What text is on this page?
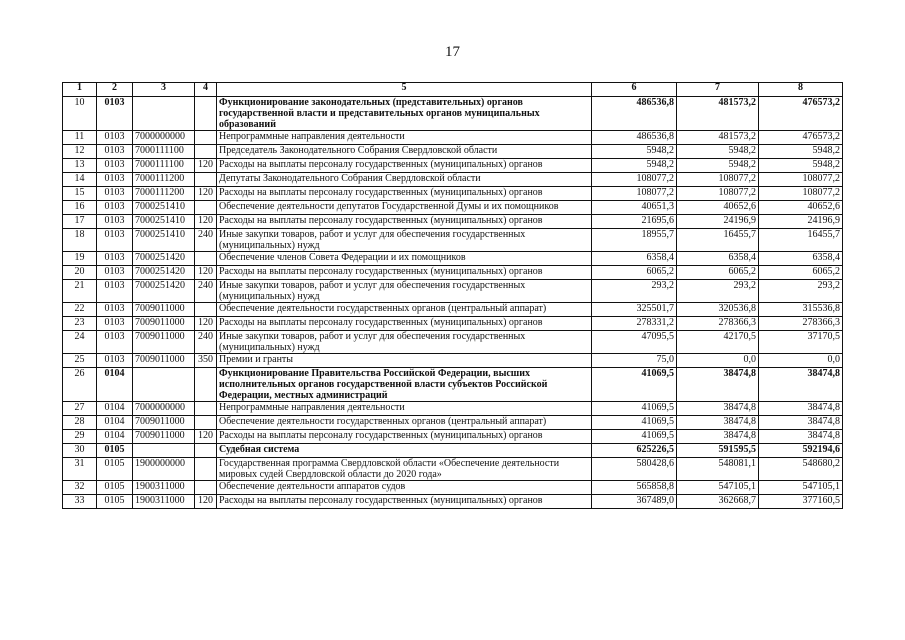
17
1	2	3	4	5	6	7	8
10	0103			Функционирование законодательных (представительных) органов государственной власти и представительных органов муниципальных образований	486536,8	481573,2	476573,2
11	0103	7000000000		Непрограммные направления деятельности	486536,8	481573,2	476573,2
12	0103	7000111100		Председатель Законодательного Собрания Свердловской области	5948,2	5948,2	5948,2
13	0103	7000111100	120	Расходы на выплаты персоналу государственных (муниципальных) органов	5948,2	5948,2	5948,2
14	0103	7000111200		Депутаты Законодательного Собрания Свердловской области	108077,2	108077,2	108077,2
15	0103	7000111200	120	Расходы на выплаты персоналу государственных (муниципальных) органов	108077,2	108077,2	108077,2
16	0103	7000251410		Обеспечение деятельности депутатов Государственной Думы и их помощников	40651,3	40652,6	40652,6
17	0103	7000251410	120	Расходы на выплаты персоналу государственных (муниципальных) органов	21695,6	24196,9	24196,9
18	0103	7000251410	240	Иные закупки товаров, работ и услуг для обеспечения государственных (муниципальных) нужд	18955,7	16455,7	16455,7
19	0103	7000251420		Обеспечение членов Совета Федерации и их помощников	6358,4	6358,4	6358,4
20	0103	7000251420	120	Расходы на выплаты персоналу государственных (муниципальных) органов	6065,2	6065,2	6065,2
21	0103	7000251420	240	Иные закупки товаров, работ и услуг для обеспечения государственных (муниципальных) нужд	293,2	293,2	293,2
22	0103	7009011000		Обеспечение деятельности государственных органов (центральный аппарат)	325501,7	320536,8	315536,8
23	0103	7009011000	120	Расходы на выплаты персоналу государственных (муниципальных) органов	278331,2	278366,3	278366,3
24	0103	7009011000	240	Иные закупки товаров, работ и услуг для обеспечения государственных (муниципальных) нужд	47095,5	42170,5	37170,5
25	0103	7009011000	350	Премии и гранты	75,0	0,0	0,0
26	0104			Функционирование Правительства Российской Федерации, высших исполнительных органов государственной власти субъектов Российской Федерации, местных администраций	41069,5	38474,8	38474,8
27	0104	7000000000		Непрограммные направления деятельности	41069,5	38474,8	38474,8
28	0104	7009011000		Обеспечение деятельности государственных органов (центральный аппарат)	41069,5	38474,8	38474,8
29	0104	7009011000	120	Расходы на выплаты персоналу государственных (муниципальных) органов	41069,5	38474,8	38474,8
30	0105			Судебная система	625226,5	591595,5	592194,6
31	0105	1900000000		Государственная программа Свердловской области «Обеспечение деятельности мировых судей Свердловской области до 2020 года»	580428,6	548081,1	548680,2
32	0105	1900311000		Обеспечение деятельности аппаратов судов	565858,8	547105,1	547105,1
33	0105	1900311000	120	Расходы на выплаты персоналу государственных (муниципальных) органов	367489,0	362668,7	377160,5
